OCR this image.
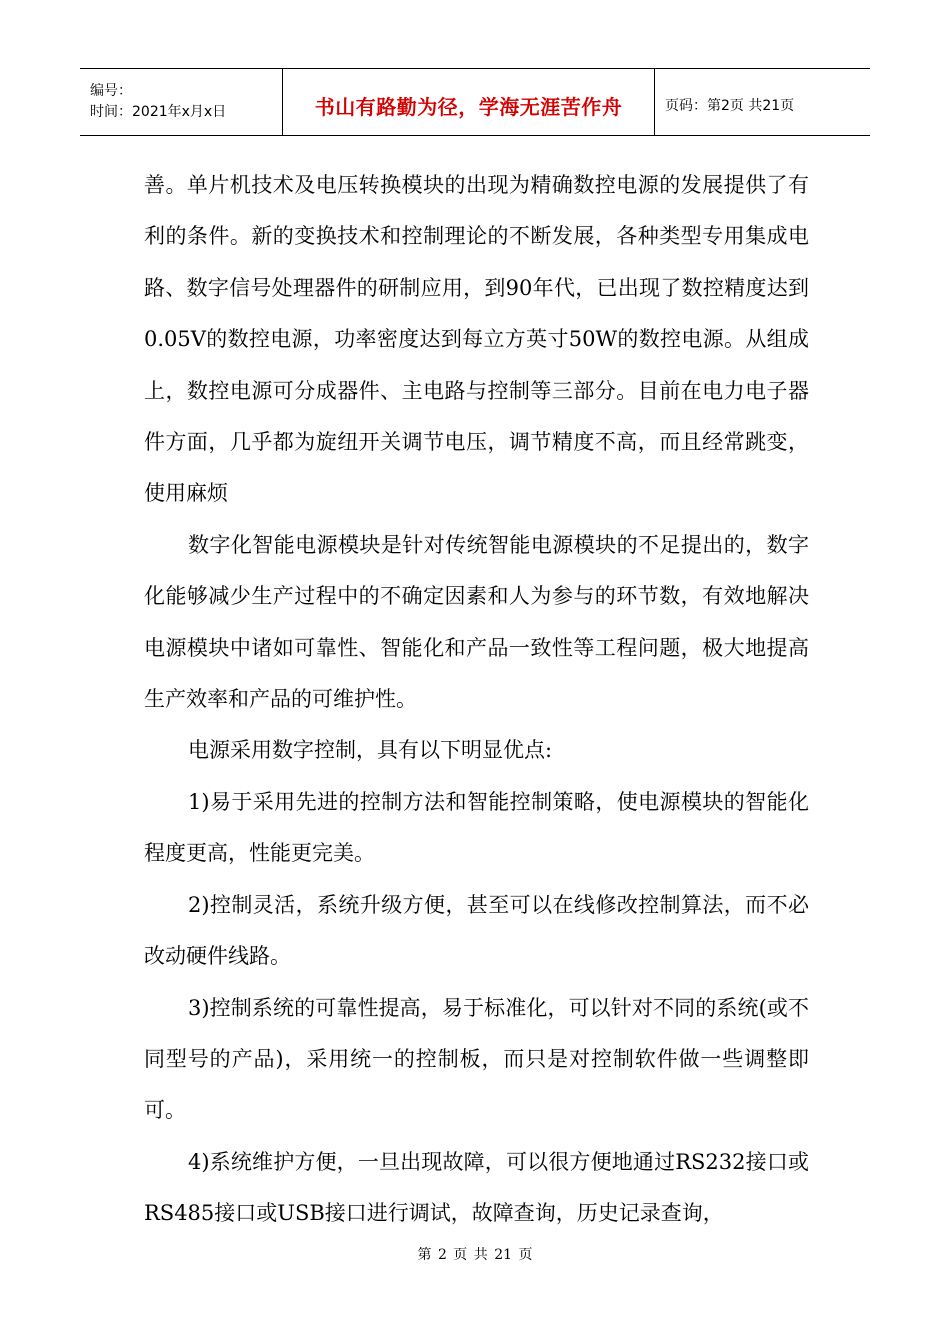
编号：
时间：2021年x月x日	书山有路勤为径，学海无涯苦作舟	页码：第2页 共21页

善。单片机技术及电压转换模块的出现为精确数控电源的发展提供了有利的条件。新的变换技术和控制理论的不断发展，各种类型专用集成电路、数字信号处理器件的研制应用，到90年代，已出现了数控精度达到0.05V的数控电源，功率密度达到每立方英寸50W的数控电源。从组成上，数控电源可分成器件、主电路与控制等三部分。目前在电力电子器件方面，几乎都为旋纽开关调节电压，调节精度不高，而且经常跳变，使用麻烦

数字化智能电源模块是针对传统智能电源模块的不足提出的，数字化能够减少生产过程中的不确定因素和人为参与的环节数，有效地解决电源模块中诸如可靠性、智能化和产品一致性等工程问题，极大地提高生产效率和产品的可维护性。

电源采用数字控制，具有以下明显优点:

1)易于采用先进的控制方法和智能控制策略，使电源模块的智能化程度更高，性能更完美。

2)控制灵活，系统升级方便，甚至可以在线修改控制算法，而不必改动硬件线路。

3)控制系统的可靠性提高，易于标准化，可以针对不同的系统(或不同型号的产品)，采用统一的控制板，而只是对控制软件做一些调整即可。

4)系统维护方便，一旦出现故障，可以很方便地通过RS232接口或RS485接口或USB接口进行调试，故障查询，历史记录查询，

第 2 页 共 21 页
